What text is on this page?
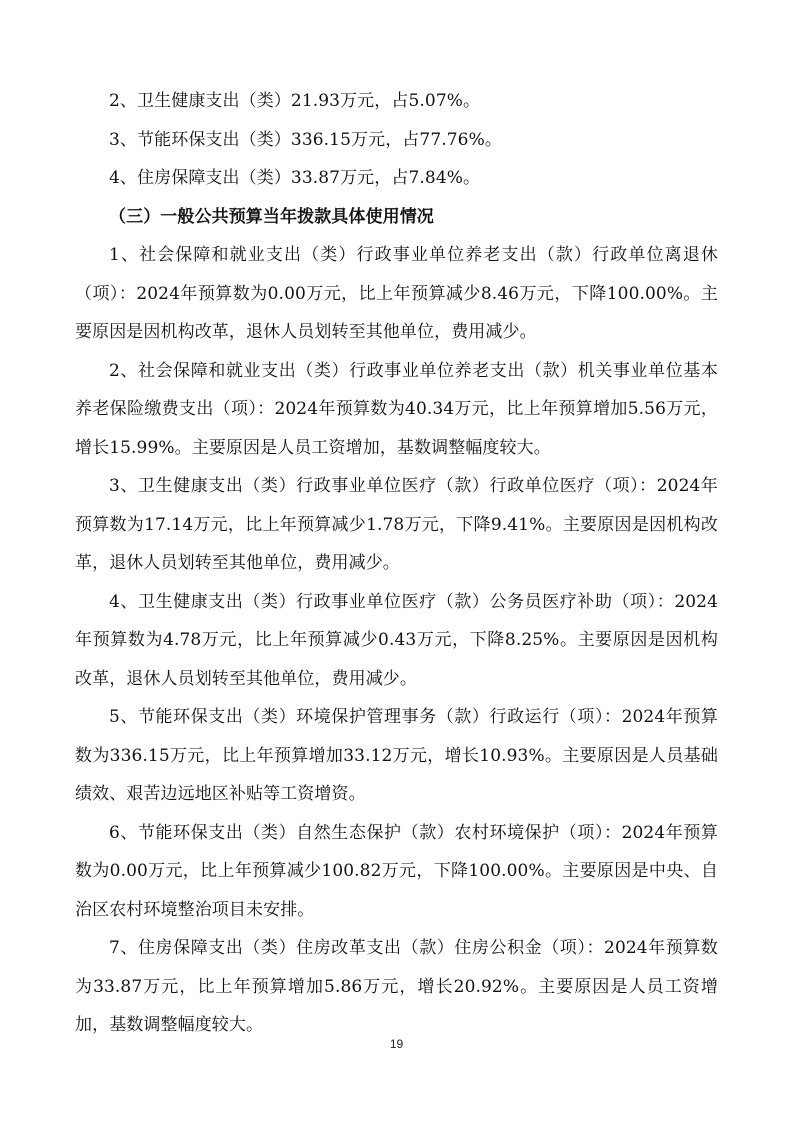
2、卫生健康支出（类）21.93万元，占5.07%。

3、节能环保支出（类）336.15万元，占77.76%。

4、住房保障支出（类）33.87万元，占7.84%。

（三）一般公共预算当年拨款具体使用情况

1、社会保障和就业支出（类）行政事业单位养老支出（款）行政单位离退休（项）：2024年预算数为0.00万元，比上年预算减少8.46万元，下降100.00%。主要原因是因机构改革，退休人员划转至其他单位，费用减少。

2、社会保障和就业支出（类）行政事业单位养老支出（款）机关事业单位基本养老保险缴费支出（项）：2024年预算数为40.34万元，比上年预算增加5.56万元，增长15.99%。主要原因是人员工资增加，基数调整幅度较大。

3、卫生健康支出（类）行政事业单位医疗（款）行政单位医疗（项）：2024年预算数为17.14万元，比上年预算减少1.78万元，下降9.41%。主要原因是因机构改革，退休人员划转至其他单位，费用减少。

4、卫生健康支出（类）行政事业单位医疗（款）公务员医疗补助（项）：2024年预算数为4.78万元，比上年预算减少0.43万元，下降8.25%。主要原因是因机构改革，退休人员划转至其他单位，费用减少。

5、节能环保支出（类）环境保护管理事务（款）行政运行（项）：2024年预算数为336.15万元，比上年预算增加33.12万元，增长10.93%。主要原因是人员基础绩效、艰苦边远地区补贴等工资增资。

6、节能环保支出（类）自然生态保护（款）农村环境保护（项）：2024年预算数为0.00万元，比上年预算减少100.82万元，下降100.00%。主要原因是中央、自治区农村环境整治项目未安排。

7、住房保障支出（类）住房改革支出（款）住房公积金（项）：2024年预算数为33.87万元，比上年预算增加5.86万元，增长20.92%。主要原因是人员工资增加，基数调整幅度较大。

19
